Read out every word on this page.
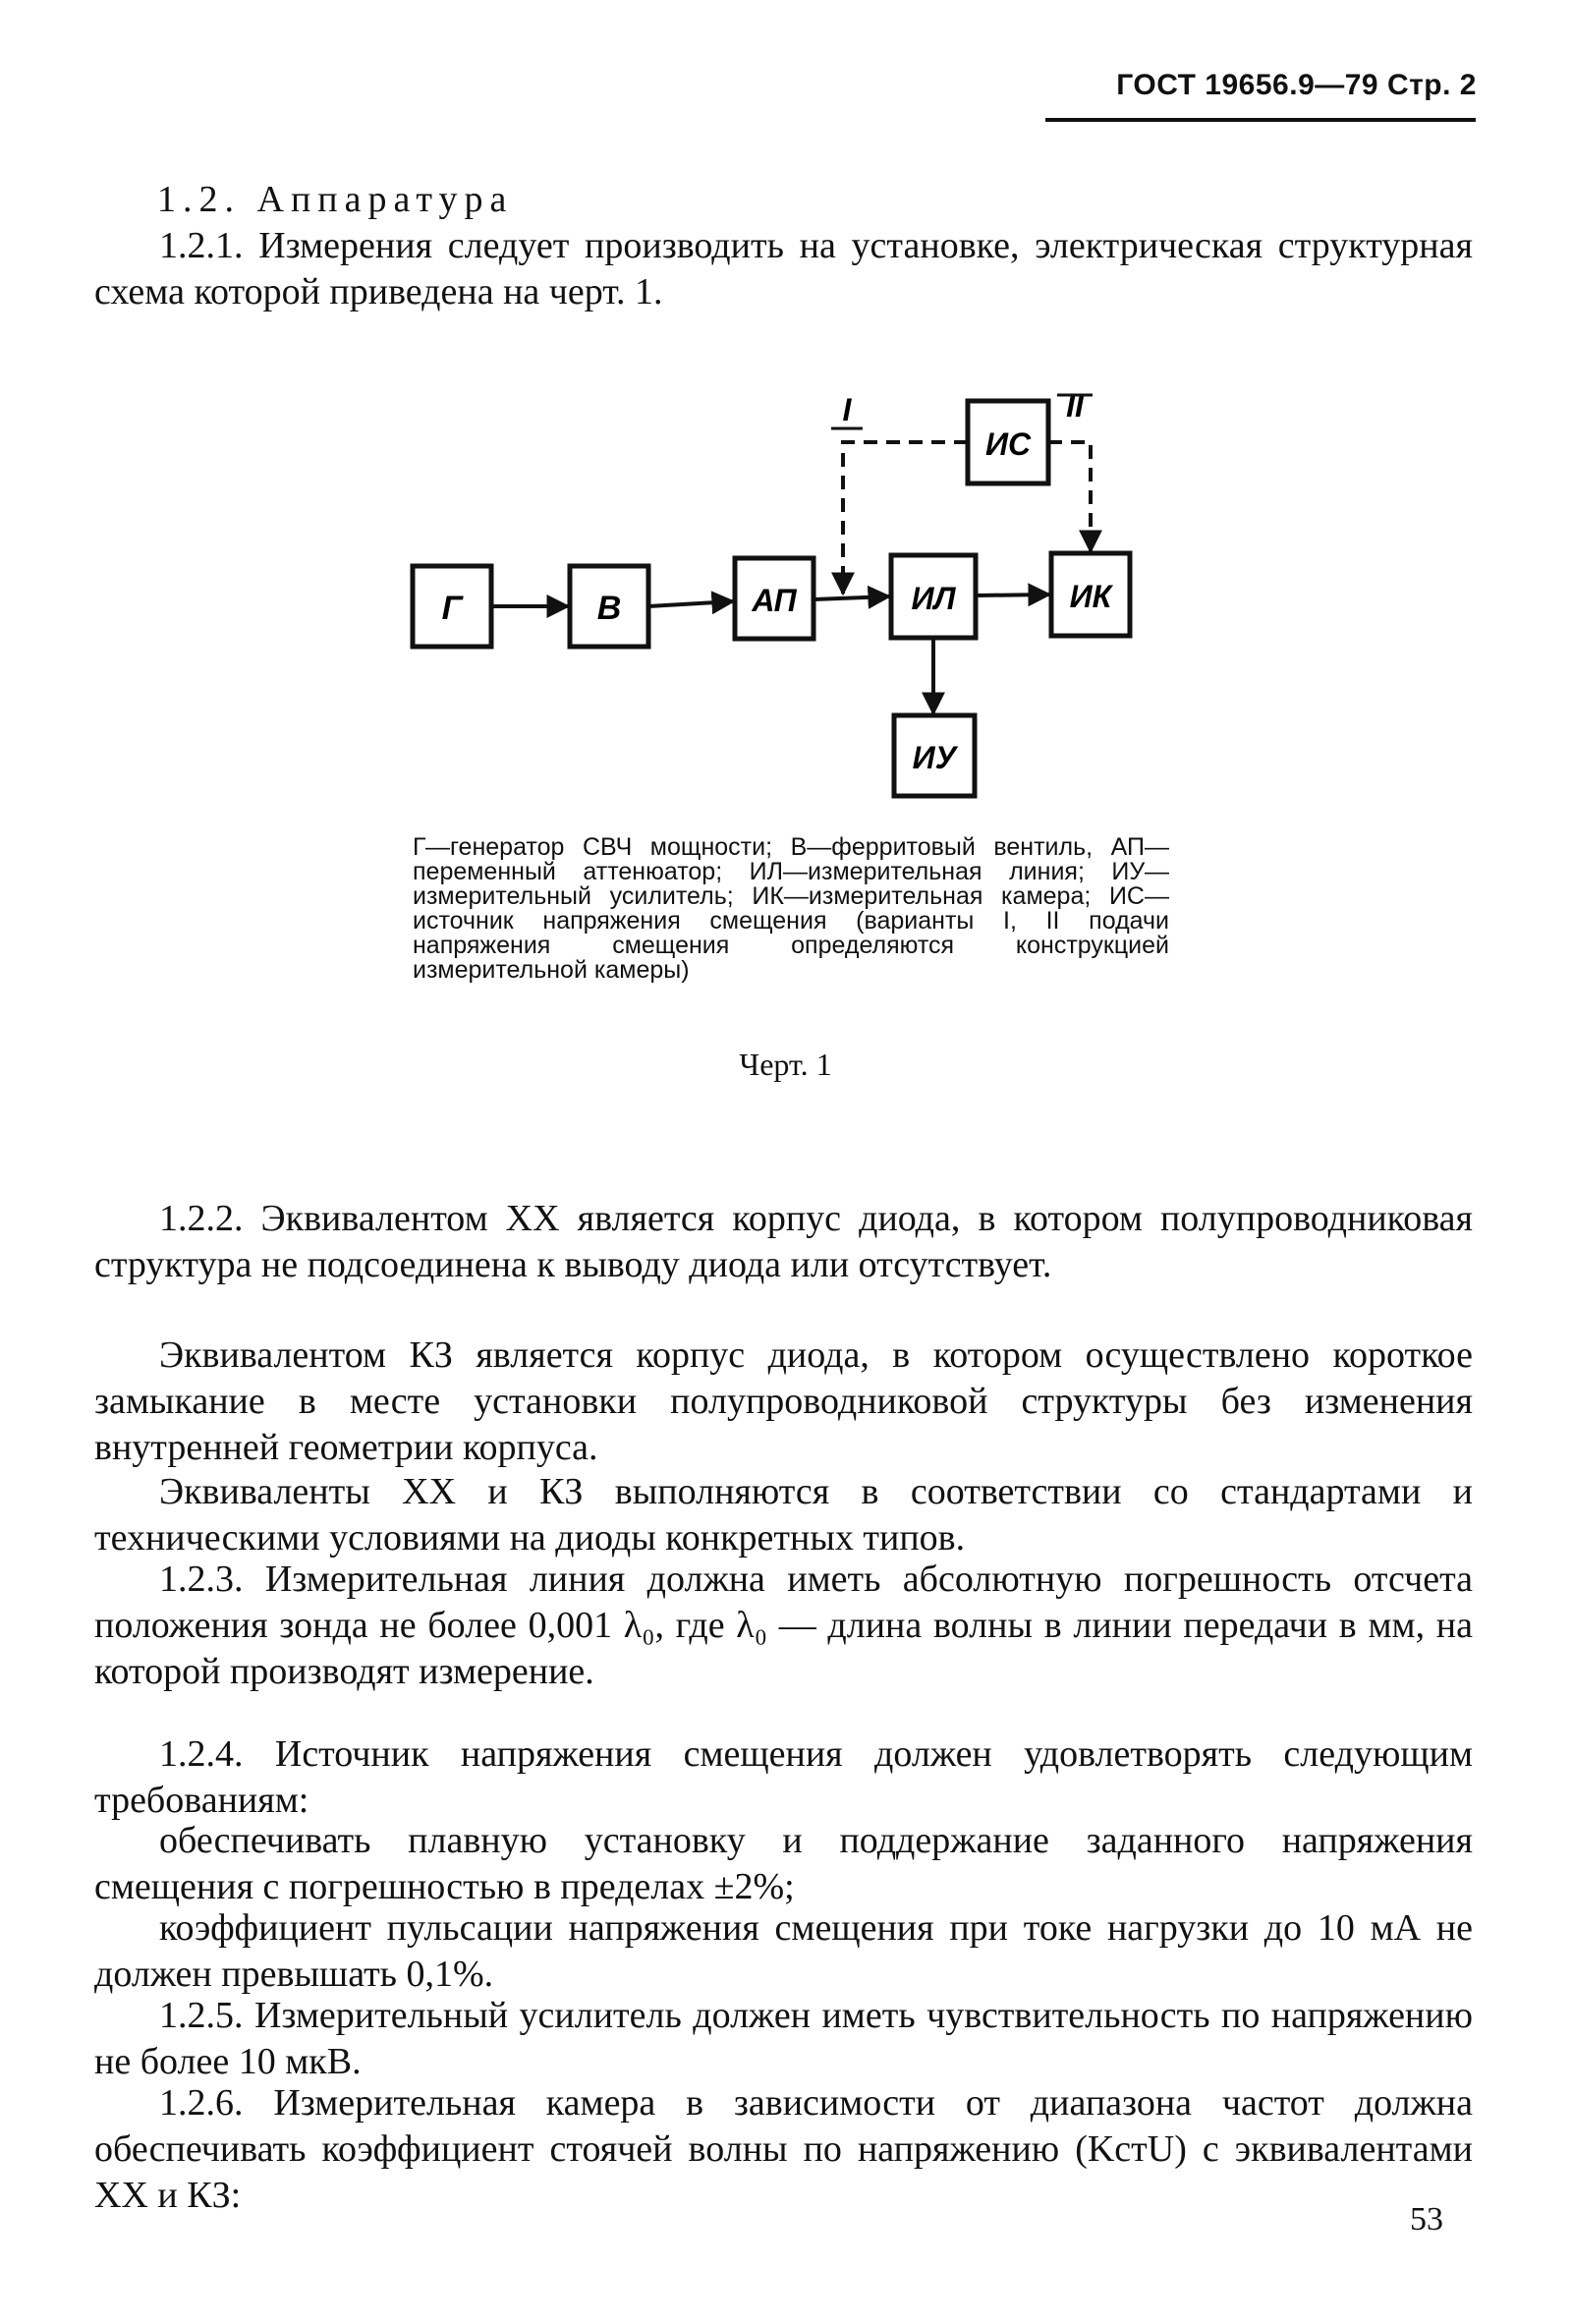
ГОСТ 19656.9—79 Стр. 2

1.2. Аппаратура

1.2.1. Измерения следует производить на установке, электрическая структурная схема которой приведена на черт. 1.

Г	В	АП	ИЛ	ИК
ИУ
ИС
I	II

Г—генератор СВЧ мощности; В—ферритовый вентиль, АП—переменный аттенюатор; ИЛ—измерительная линия; ИУ—измерительный усилитель; ИК—измерительная камера; ИС—источник напряжения смещения (варианты I, II подачи напряжения смещения определяются конструкцией измерительной камеры)

Черт. 1

1.2.2. Эквивалентом XX является корпус диода, в котором полупроводниковая структура не подсоединена к выводу диода или отсутствует.

Эквивалентом КЗ является корпус диода, в котором осуществлено короткое замыкание в месте установки полупроводниковой структуры без изменения внутренней геометрии корпуса.

Эквиваленты XX и КЗ выполняются в соответствии со стандартами и техническими условиями на диоды конкретных типов.

1.2.3. Измерительная линия должна иметь абсолютную погрешность отсчета положения зонда не более 0,001 λ₀, где λ₀ — длина волны в линии передачи в мм, на которой производят измерение.

1.2.4. Источник напряжения смещения должен удовлетворять следующим требованиям:

обеспечивать плавную установку и поддержание заданного напряжения смещения с погрешностью в пределах ±2%;

коэффициент пульсации напряжения смещения при токе нагрузки до 10 мА не должен превышать 0,1%.

1.2.5. Измерительный усилитель должен иметь чувствительность по напряжению не более 10 мкВ.

1.2.6. Измерительная камера в зависимости от диапазона частот должна обеспечивать коэффициент стоячей волны по напряжению (KстU) с эквивалентами XX и КЗ:

53
